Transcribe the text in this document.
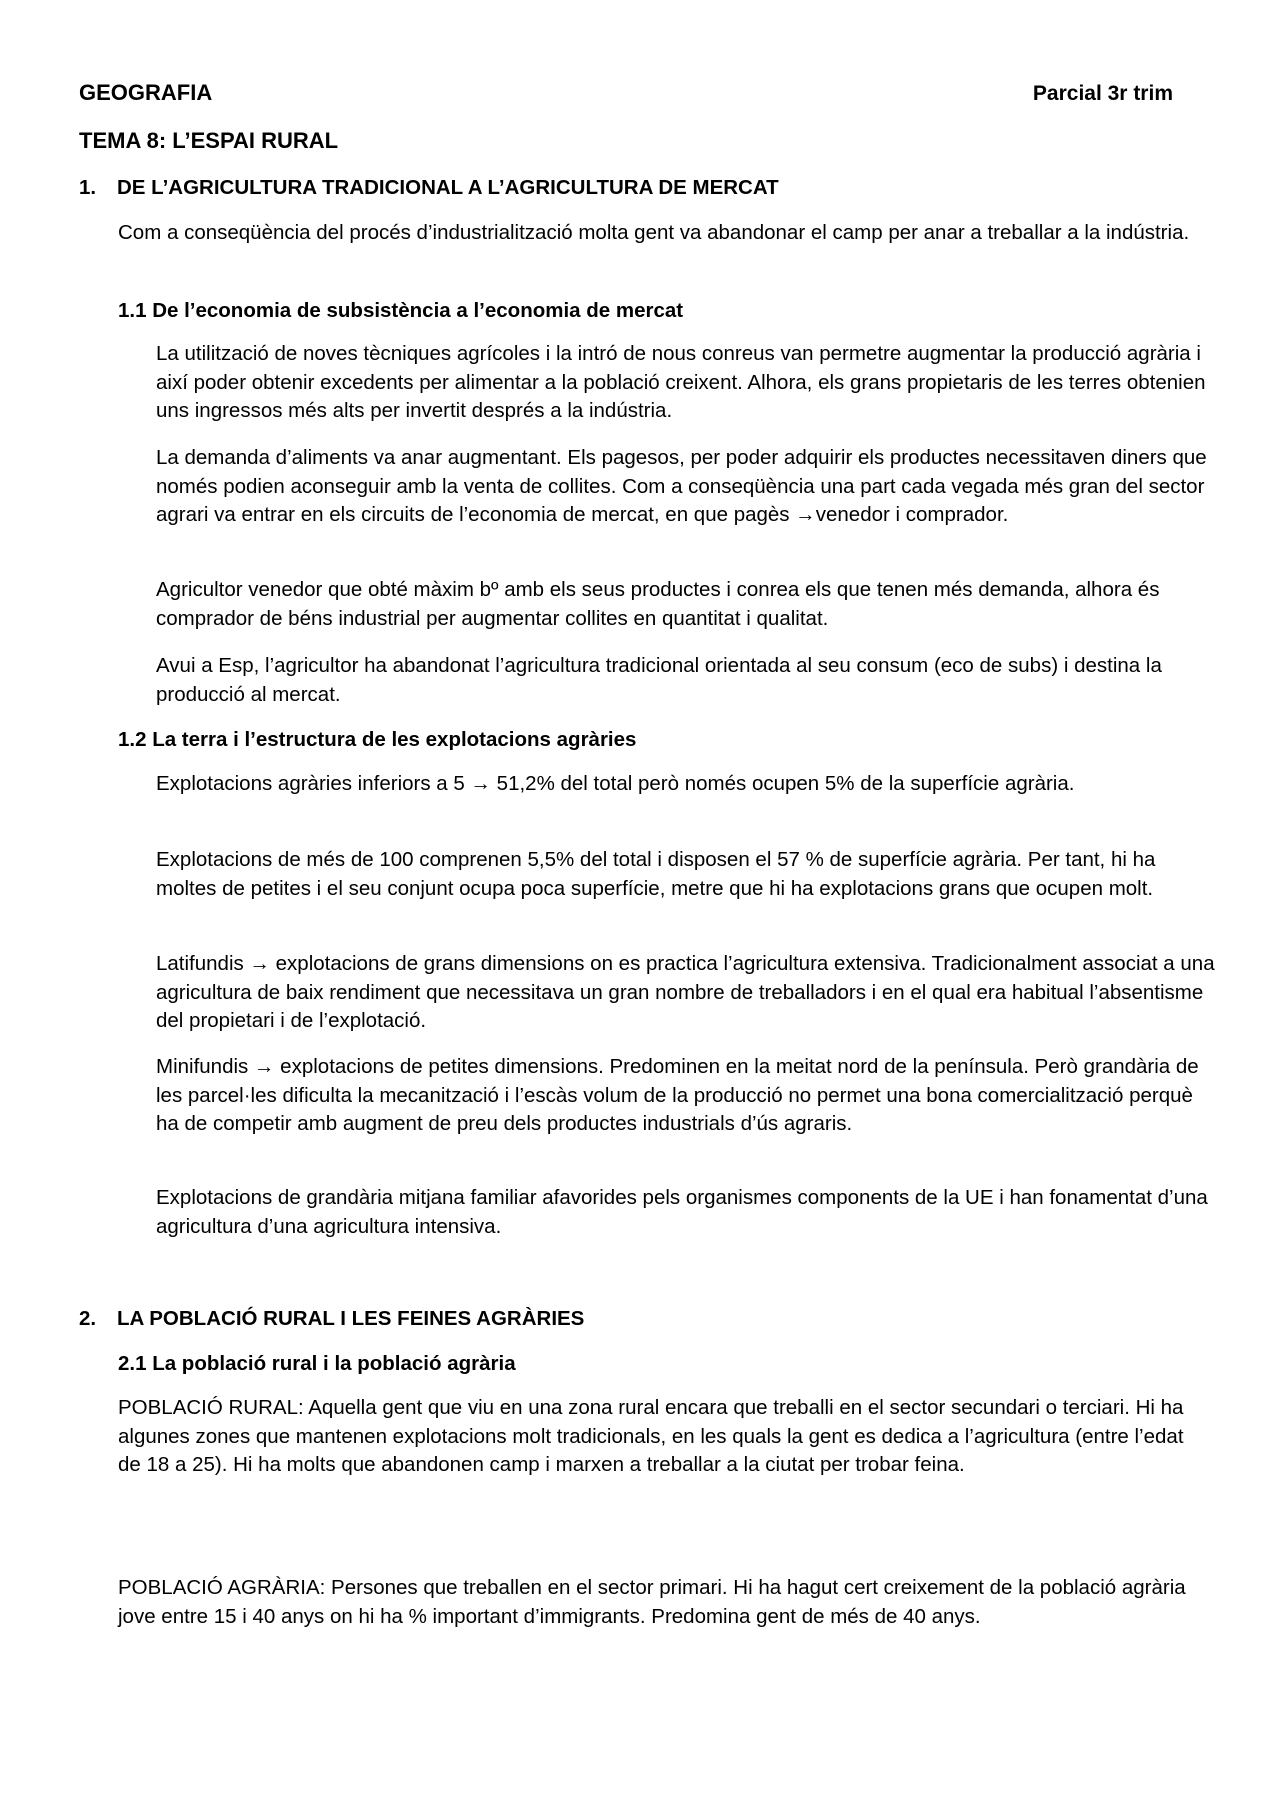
GEOGRAFIA	Parcial 3r trim
TEMA 8: L’ESPAI RURAL
1. DE L’AGRICULTURA TRADICIONAL A L’AGRICULTURA DE MERCAT

Com a conseqüència del procés d’industrialització molta gent va abandonar el camp per anar a treballar a la indústria.

1.1 De l’economia de subsistència a l’economia de mercat

La utilització de noves tècniques agrícoles i la intró de nous conreus van permetre augmentar la producció agrària i així poder obtenir excedents per alimentar a la població creixent. Alhora, els grans propietaris de les terres obtenien uns ingressos més alts per invertit després a la indústria.

La demanda d’aliments va anar augmentant. Els pagesos, per poder adquirir els productes necessitaven diners que només podien aconseguir amb la venta de collites. Com a conseqüència una part cada vegada més gran del sector agrari va entrar en els circuits de l’economia de mercat, en que pagès →venedor i comprador.

Agricultor venedor que obté màxim bº amb els seus productes i conrea els que tenen més demanda, alhora és comprador de béns industrial per augmentar collites en quantitat i qualitat.

Avui a Esp, l’agricultor ha abandonat l’agricultura tradicional orientada al seu consum (eco de subs) i destina la producció al mercat.

1.2 La terra i l’estructura de les explotacions agràries

Explotacions agràries inferiors a 5 → 51,2% del total però només ocupen 5% de la superfície agrària.

Explotacions de més de 100 comprenen 5,5% del total i disposen el 57 % de superfície agrària. Per tant, hi ha moltes de petites i el seu conjunt ocupa poca superfície, metre que hi ha explotacions grans que ocupen molt.

Latifundis → explotacions de grans dimensions on es practica l’agricultura extensiva. Tradicionalment associat a una agricultura de baix rendiment que necessitava un gran nombre de treballadors i en el qual era habitual l’absentisme del propietari i de l’explotació.

Minifundis → explotacions de petites dimensions. Predominen en la meitat nord de la península. Però grandària de les parcel·les dificulta la mecanització i l’escàs volum de la producció no permet una bona comercialització perquè ha de competir amb augment de preu dels productes industrials d’ús agraris.

Explotacions de grandària mitjana familiar afavorides pels organismes components de la UE i han fonamentat d’una agricultura d’una agricultura intensiva.

2. LA POBLACIÓ RURAL I LES FEINES AGRÀRIES
2.1 La població rural i la població agrària

POBLACIÓ RURAL: Aquella gent que viu en una zona rural encara que treballi en el sector secundari o terciari. Hi ha algunes zones que mantenen explotacions molt tradicionals, en les quals la gent es dedica a l’agricultura (entre l’edat de 18 a 25). Hi ha molts que abandonen camp i marxen a treballar a la ciutat per trobar feina.

POBLACIÓ AGRÀRIA: Persones que treballen en el sector primari. Hi ha hagut cert creixement de la població agrària jove entre 15 i 40 anys on hi ha % important d’immigrants. Predomina gent de més de 40 anys.
